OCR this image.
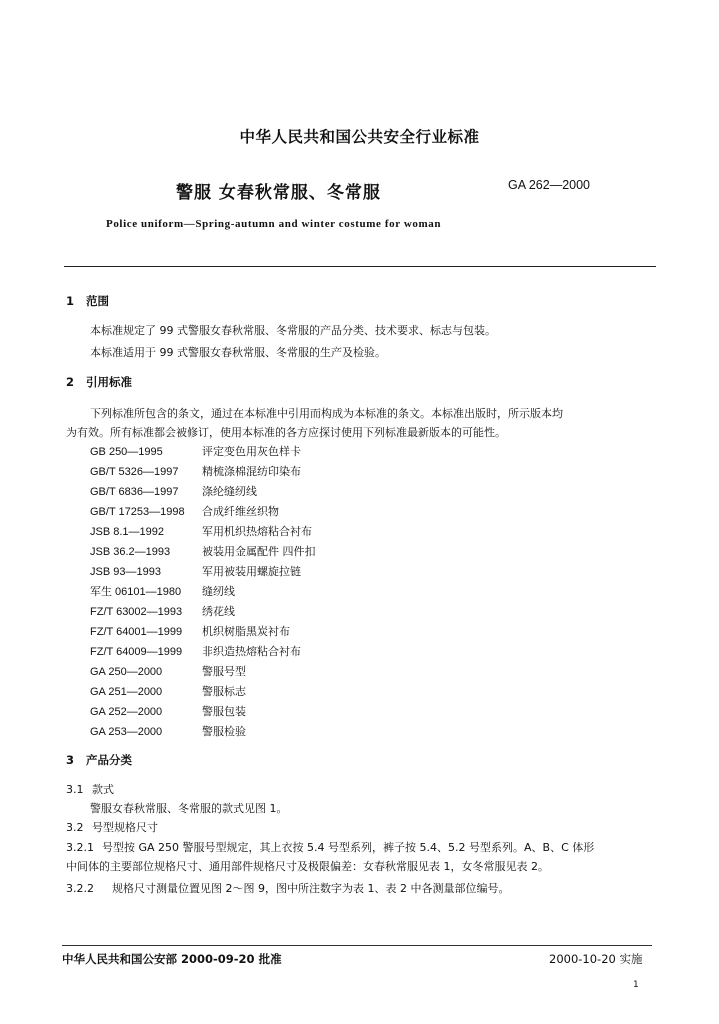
中华人民共和国公共安全行业标准
警服 女春秋常服、冬常服	GA 262—2000
Police uniform—Spring-autumn and winter costume for woman
1 范围
本标准规定了 99 式警服女春秋常服、冬常服的产品分类、技术要求、标志与包装。
本标准适用于 99 式警服女春秋常服、冬常服的生产及检验。
2 引用标准
下列标准所包含的条文，通过在本标准中引用而构成为本标准的条文。本标准出版时，所示版本均
为有效。所有标准都会被修订，使用本标准的各方应探讨使用下列标准最新版本的可能性。
GB 250—1995	评定变色用灰色样卡
GB/T 5326—1997 精梳涤棉混纺印染布
GB/T 6836—1997 涤纶缝纫线
GB/T 17253—1998 合成纤维丝织物
JSB 8.1—1992	军用机织热熔粘合衬布
JSB 36.2—1993	被装用金属配件 四件扣
JSB 93—1993	军用被装用螺旋拉链
军生 06101—1980 缝纫线
FZ/T 63002—1993 绣花线
FZ/T 64001—1999 机织树脂黑炭衬布
FZ/T 64009—1999 非织造热熔粘合衬布
GA 250—2000	警服号型
GA 251—2000	警服标志
GA 252—2000	警服包装
GA 253—2000	警服检验
3 产品分类
3.1 款式
警服女春秋常服、冬常服的款式见图 1。
3.2 号型规格尺寸
3.2.1 号型按 GA 250 警服号型规定，其上衣按 5.4 号型系列，裤子按 5.4、5.2 号型系列。A、B、C 体形
中间体的主要部位规格尺寸、通用部件规格尺寸及极限偏差：女春秋常服见表 1，女冬常服见表 2。
3.2.2 规格尺寸测量位置见图 2～图 9，图中所注数字为表 1、表 2 中各测量部位编号。
中华人民共和国公安部 2000-09-20 批准	2000-10-20 实施
1
